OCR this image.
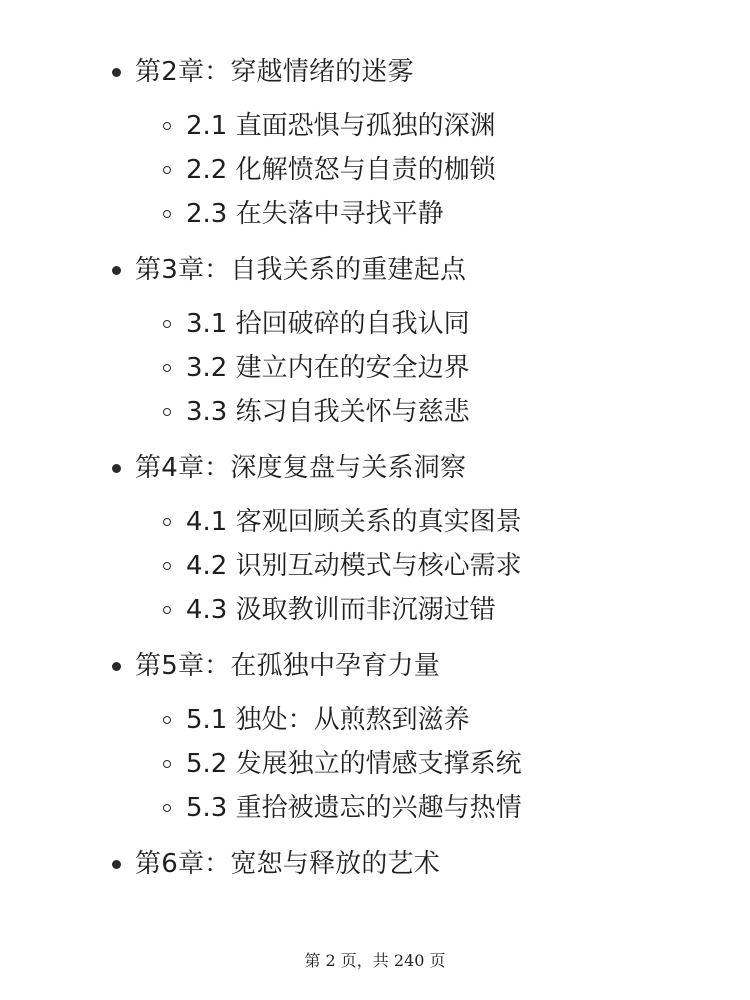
第2章：穿越情绪的迷雾
2.1 直面恐惧与孤独的深渊
2.2 化解愤怒与自责的枷锁
2.3 在失落中寻找平静
第3章：自我关系的重建起点
3.1 拾回破碎的自我认同
3.2 建立内在的安全边界
3.3 练习自我关怀与慈悲
第4章：深度复盘与关系洞察
4.1 客观回顾关系的真实图景
4.2 识别互动模式与核心需求
4.3 汲取教训而非沉溺过错
第5章：在孤独中孕育力量
5.1 独处：从煎熬到滋养
5.2 发展独立的情感支撑系统
5.3 重拾被遗忘的兴趣与热情
第6章：宽恕与释放的艺术
第 2 页，共 240 页
